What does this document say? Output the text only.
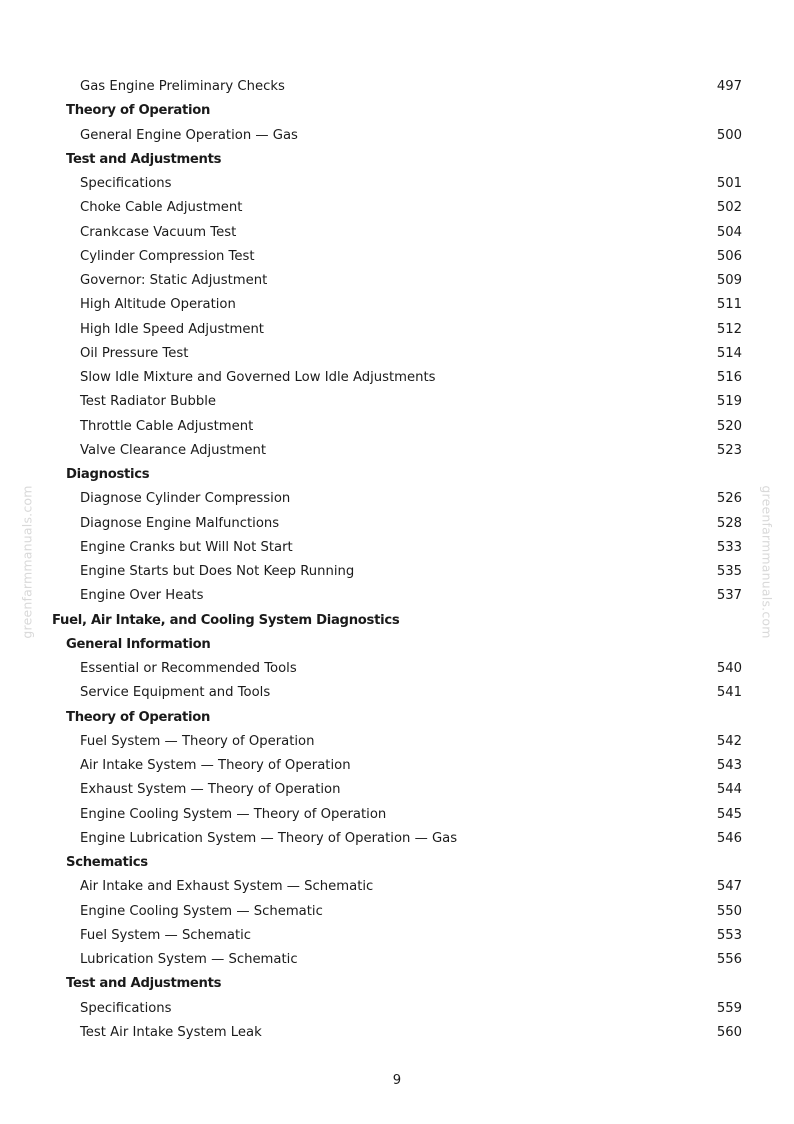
Gas Engine Preliminary Checks	497
Theory of Operation
General Engine Operation — Gas	500
Test and Adjustments
Specifications	501
Choke Cable Adjustment	502
Crankcase Vacuum Test	504
Cylinder Compression Test	506
Governor: Static Adjustment	509
High Altitude Operation	511
High Idle Speed Adjustment	512
Oil Pressure Test	514
Slow Idle Mixture and Governed Low Idle Adjustments	516
Test Radiator Bubble	519
Throttle Cable Adjustment	520
Valve Clearance Adjustment	523
Diagnostics
Diagnose Cylinder Compression	526
Diagnose Engine Malfunctions	528
Engine Cranks but Will Not Start	533
Engine Starts but Does Not Keep Running	535
Engine Over Heats	537
Fuel, Air Intake, and Cooling System Diagnostics
General Information
Essential or Recommended Tools	540
Service Equipment and Tools	541
Theory of Operation
Fuel System — Theory of Operation	542
Air Intake System — Theory of Operation	543
Exhaust System — Theory of Operation	544
Engine Cooling System — Theory of Operation	545
Engine Lubrication System — Theory of Operation — Gas	546
Schematics
Air Intake and Exhaust System — Schematic	547
Engine Cooling System — Schematic	550
Fuel System — Schematic	553
Lubrication System — Schematic	556
Test and Adjustments
Specifications	559
Test Air Intake System Leak	560
greenfarmmanuals.com	greenfarmmanuals.com
9
